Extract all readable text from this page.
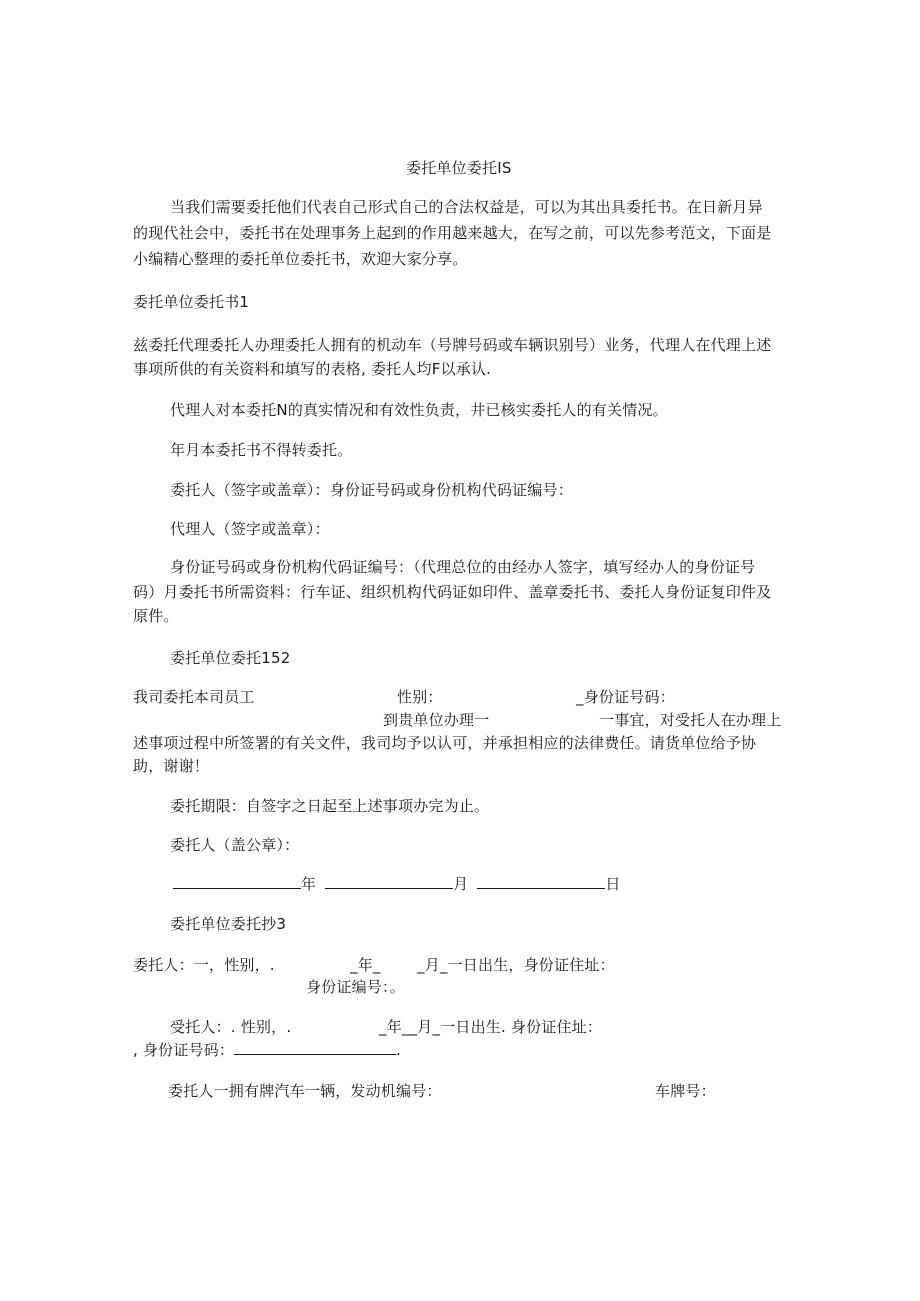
委托单位委托IS
当我们需要委托他们代表自己形式自己的合法权益是，可以为其出具委托书。在日新月异
的现代社会中，委托书在处理事务上起到的作用越来越大，在写之前，可以先参考范文，下面是
小编精心整理的委托单位委托书，欢迎大家分享。
委托单位委托书1
兹委托代理委托人办理委托人拥有的机动车（号牌号码或车辆识别号）业务，代理人在代理上述
事项所供的有关资料和填写的表格, 委托人均F以承认.
代理人对本委托N的真实情况和有效性负责，井已核实委托人的有关情况。
年月本委托书不得转委托。
委托人（签字或盖章）：身份证号码或身份机构代码证编号：
代理人（签字或盖章）：
身份证号码或身份机构代码证编号：（代理总位的由经办人签字，填写经办人的身份证号
码）月委托书所需资料：行车证、组织机构代码证如印件、盖章委托书、委托人身份证复印件及
原件。
委托单位委托152
我司委托本司员工	性别：	_身份证号码：
到贵单位办理一	一事宜，对受托人在办理上
述事项过程中所签署的有关文件，我司均予以认可，并承担相应的法律费任。请货单位给予协
助，谢谢！
委托期限：自签字之日起至上述事项办完为止。
委托人（盖公章）：
年	月	日
委托单位委托抄3
委托人：一，性别，.	_年_ _月_一日出生，身份证住址：
身份证编号：。
受托人：. 性别，.	_年__月_一日出生. 身份证住址：
, 身份证号码：	.
委托人一拥有牌汽车一辆，发动机编号：	车牌号：
